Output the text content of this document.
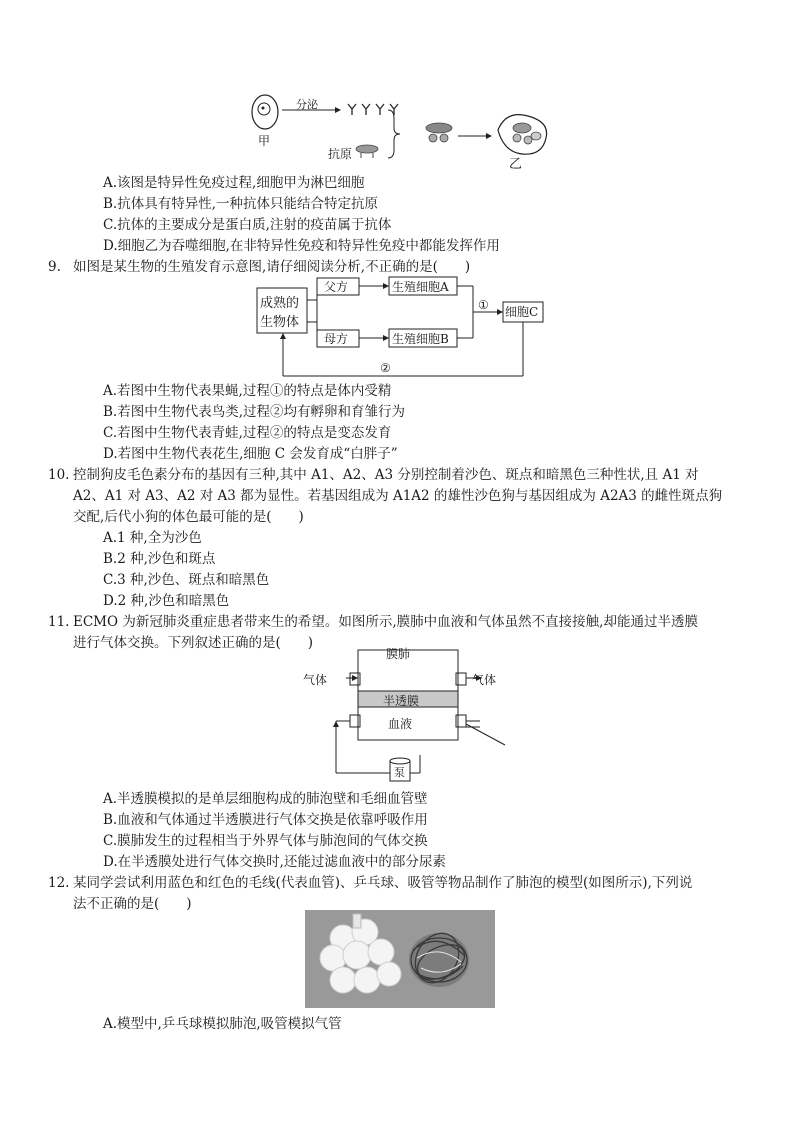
分泌
甲
抗原
乙
A.该图是特异性免疫过程,细胞甲为淋巴细胞
B.抗体具有特异性,一种抗体只能结合特定抗原
C.抗体的主要成分是蛋白质,注射的疫苗属于抗体
D.细胞乙为吞噬细胞,在非特异性免疫和特异性免疫中都能发挥作用
9. 如图是某生物的生殖发育示意图,请仔细阅读分析,不正确的是(　　)
成熟的
生物体
父方
母方
生殖细胞A
生殖细胞B
细胞C
①
②
A.若图中生物代表果蝇,过程①的特点是体内受精
B.若图中生物代表鸟类,过程②均有孵卵和育雏行为
C.若图中生物代表青蛙,过程②的特点是变态发育
D.若图中生物代表花生,细胞 C 会发育成“白胖子”
10. 控制狗皮毛色素分布的基因有三种,其中 A1、A2、A3 分别控制着沙色、斑点和暗黑色三种性状,且 A1 对
A2、A1 对 A3、A2 对 A3 都为显性。若基因组成为 A1A2 的雄性沙色狗与基因组成为 A2A3 的雌性斑点狗
交配,后代小狗的体色最可能的是(　　)
A.1 种,全为沙色
B.2 种,沙色和斑点
C.3 种,沙色、斑点和暗黑色
D.2 种,沙色和暗黑色
11. ECMO 为新冠肺炎重症患者带来生的希望。如图所示,膜肺中血液和气体虽然不直接接触,却能通过半透膜
进行气体交换。下列叙述正确的是(　　)
膜肺
气体	气体
半透膜
血液
泵
A.半透膜模拟的是单层细胞构成的肺泡壁和毛细血管壁
B.血液和气体通过半透膜进行气体交换是依靠呼吸作用
C.膜肺发生的过程相当于外界气体与肺泡间的气体交换
D.在半透膜处进行气体交换时,还能过滤血液中的部分尿素
12. 某同学尝试利用蓝色和红色的毛线(代表血管)、乒乓球、吸管等物品制作了肺泡的模型(如图所示),下列说
法不正确的是(　　)
A.模型中,乒乓球模拟肺泡,吸管模拟气管
